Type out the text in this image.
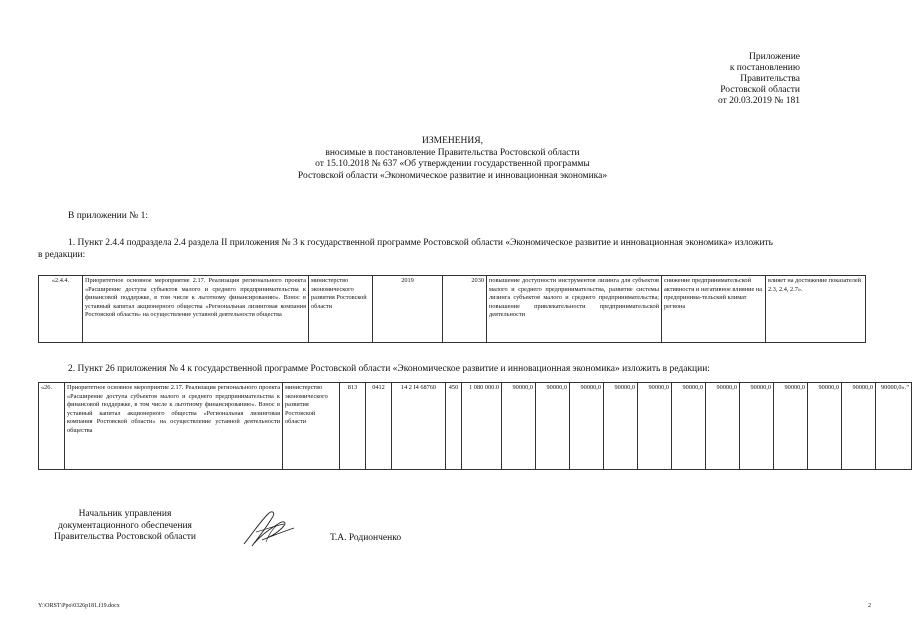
Приложение
к постановлению
Правительства
Ростовской области
от 20.03.2019 № 181
ИЗМЕНЕНИЯ,
вносимые в постановление Правительства Ростовской области
от 15.10.2018 № 637 «Об утверждении государственной программы
Ростовской области «Экономическое развитие и инновационная экономика»
В приложении № 1:
1. Пункт 2.4.4 подраздела 2.4 раздела II приложения № 3 к государственной программе Ростовской области «Экономическое развитие и инновационная экономика» изложить
в редакции:
«2.4.4.	Приоритетное основное мероприятие 2.17. Реализация регионального проекта «Расширение доступа субъектов малого и среднего предпринимательства к финансовой поддержке, в том числе к льготному финансированию». Взнос в уставный капитал акционерного общества «Региональная лизинговая компания Ростовской области» на осуществление уставной деятельности общества	министерство экономического развития Ростовской области	2019	2030	повышение доступности инструментов лизинга для субъектов малого и среднего предпринимательства, развитие системы лизинга субъектов малого и среднего предпринимательства; повышение привлекательности предпринимательской деятельности	снижение предпринимательской активности и негативное влияние на предпринима-тельский климат региона	влияет на достижение показателей 2.3, 2.4, 2.7».
2. Пункт 26 приложения № 4 к государственной программе Ростовской области «Экономическое развитие и инновационная экономика» изложить в редакции:
«26.	Приоритетное основное мероприятие 2.17. Реализация регионального проекта «Расширение доступа субъектов малого и среднего предпринимательства к финансовой поддержке, в том числе к льготному финансированию». Взнос в уставный капитал акционерного общества «Региональная лизинговая компания Ростовской области» на осуществление уставной деятельности общества	министерство экономического развития Ростовской области	813	0412	14 2 I4 68760	450	1 080 000.0	90000,0	90000,0	90000,0	90000,0	90000,0	90000,0	90000,0	90000,0	90000,0	90000,0	90000,0	90000,0».”
Начальник управления
документационного обеспечения
Правительства Ростовской области	Т.А. Родионченко
Y:\ORST\Ppo\0326p181.f19.docx	2
